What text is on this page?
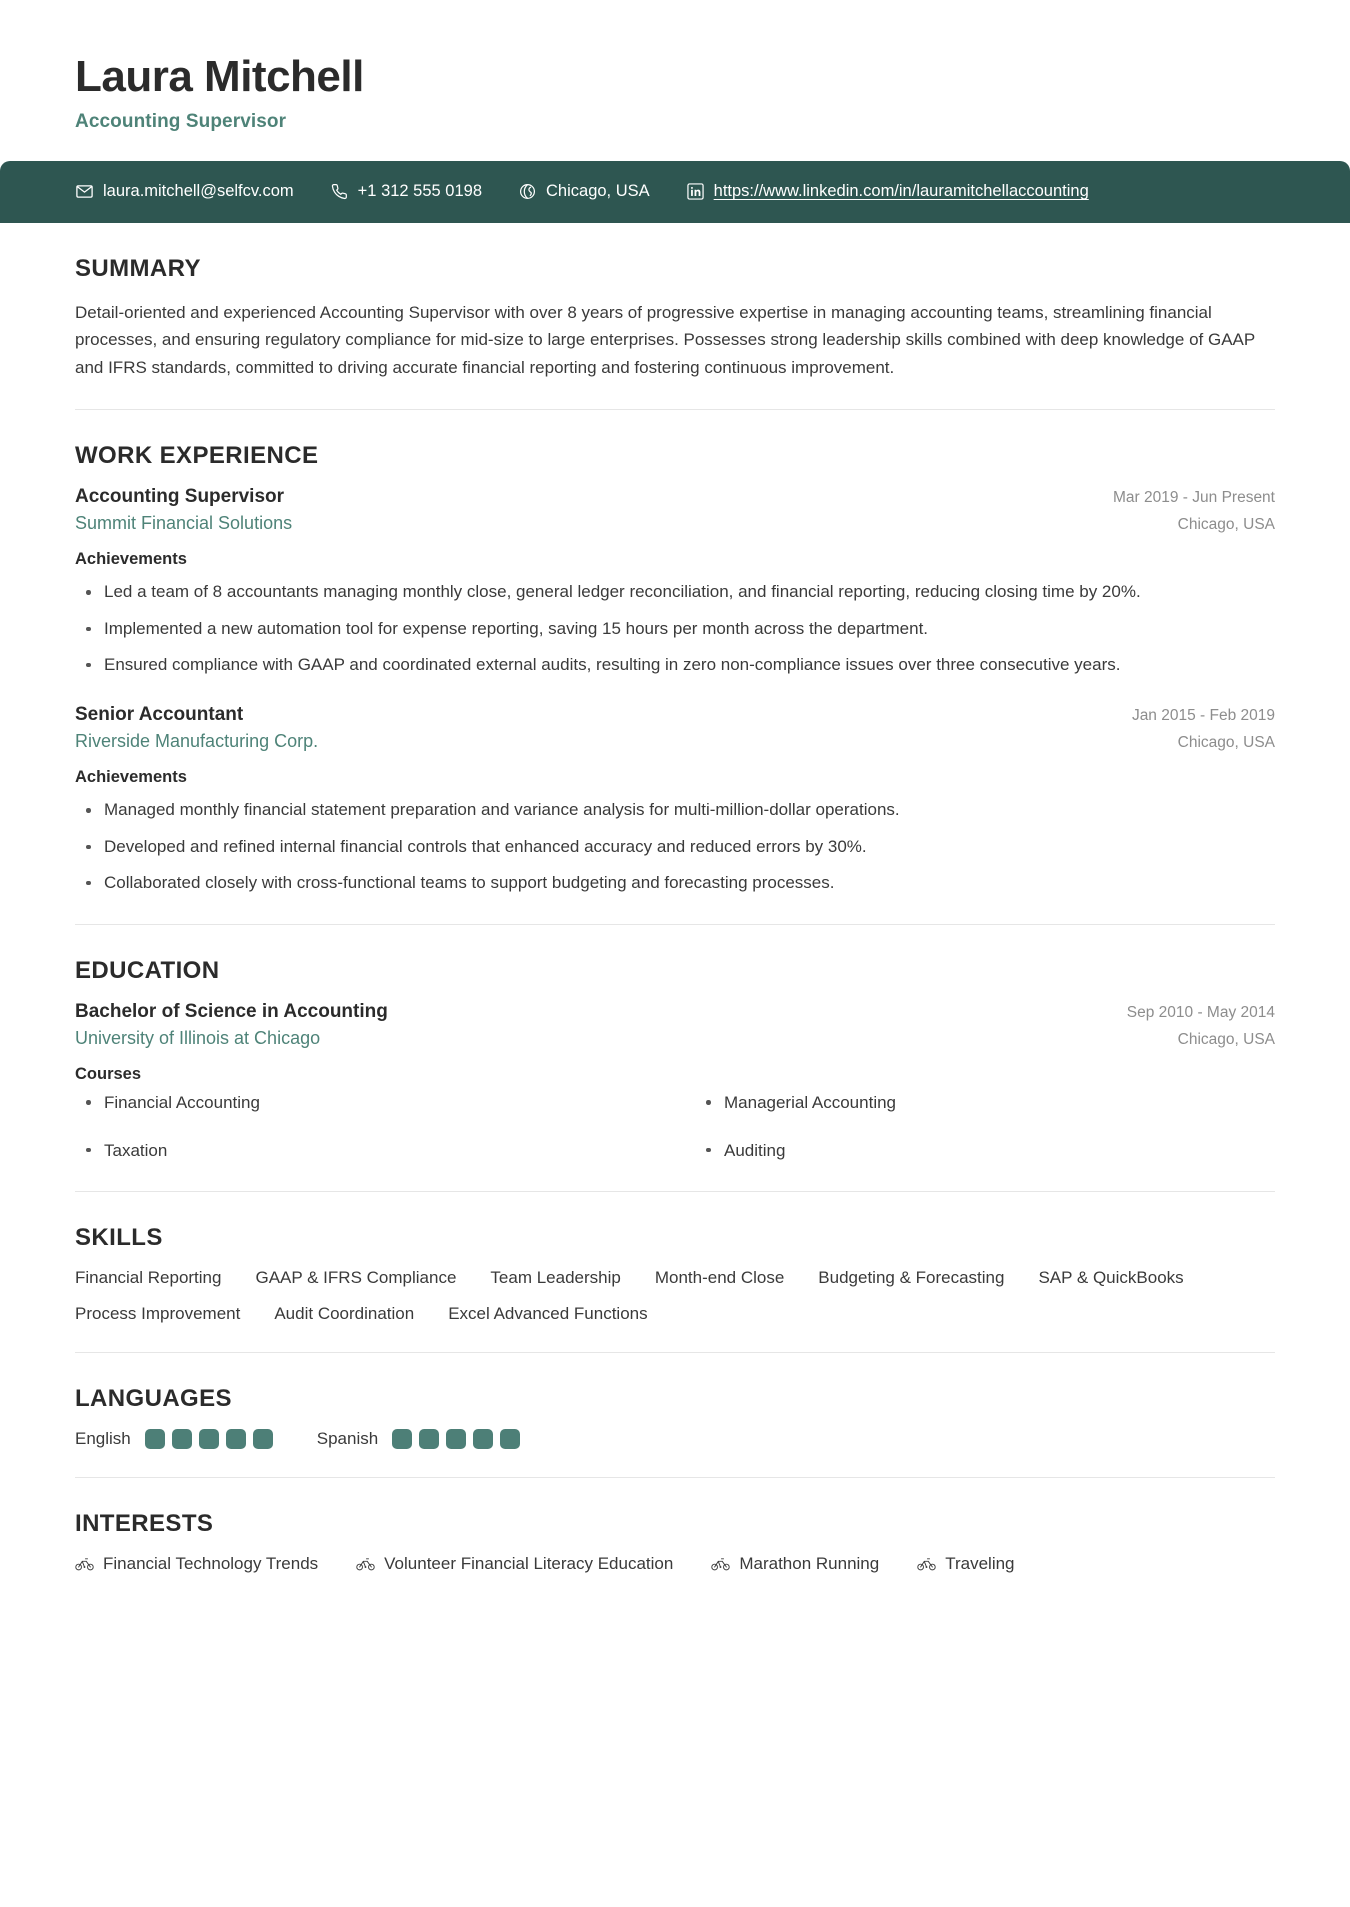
Laura Mitchell
Accounting Supervisor
laura.mitchell@selfcv.com	+1 312 555 0198	Chicago, USA	https://www.linkedin.com/in/lauramitchellaccounting
SUMMARY
Detail-oriented and experienced Accounting Supervisor with over 8 years of progressive expertise in managing accounting teams, streamlining financial processes, and ensuring regulatory compliance for mid-size to large enterprises. Possesses strong leadership skills combined with deep knowledge of GAAP and IFRS standards, committed to driving accurate financial reporting and fostering continuous improvement.
WORK EXPERIENCE
Accounting Supervisor	Mar 2019 - Jun Present
Summit Financial Solutions	Chicago, USA
Achievements
Led a team of 8 accountants managing monthly close, general ledger reconciliation, and financial reporting, reducing closing time by 20%.
Implemented a new automation tool for expense reporting, saving 15 hours per month across the department.
Ensured compliance with GAAP and coordinated external audits, resulting in zero non-compliance issues over three consecutive years.
Senior Accountant	Jan 2015 - Feb 2019
Riverside Manufacturing Corp.	Chicago, USA
Achievements
Managed monthly financial statement preparation and variance analysis for multi-million-dollar operations.
Developed and refined internal financial controls that enhanced accuracy and reduced errors by 30%.
Collaborated closely with cross-functional teams to support budgeting and forecasting processes.
EDUCATION
Bachelor of Science in Accounting	Sep 2010 - May 2014
University of Illinois at Chicago	Chicago, USA
Courses
Financial Accounting	Managerial Accounting
Taxation	Auditing
SKILLS
Financial Reporting GAAP & IFRS Compliance Team Leadership Month-end Close Budgeting & Forecasting SAP & QuickBooks
Process Improvement Audit Coordination Excel Advanced Functions
LANGUAGES
English	Spanish
INTERESTS
Financial Technology Trends	Volunteer Financial Literacy Education	Marathon Running	Traveling
